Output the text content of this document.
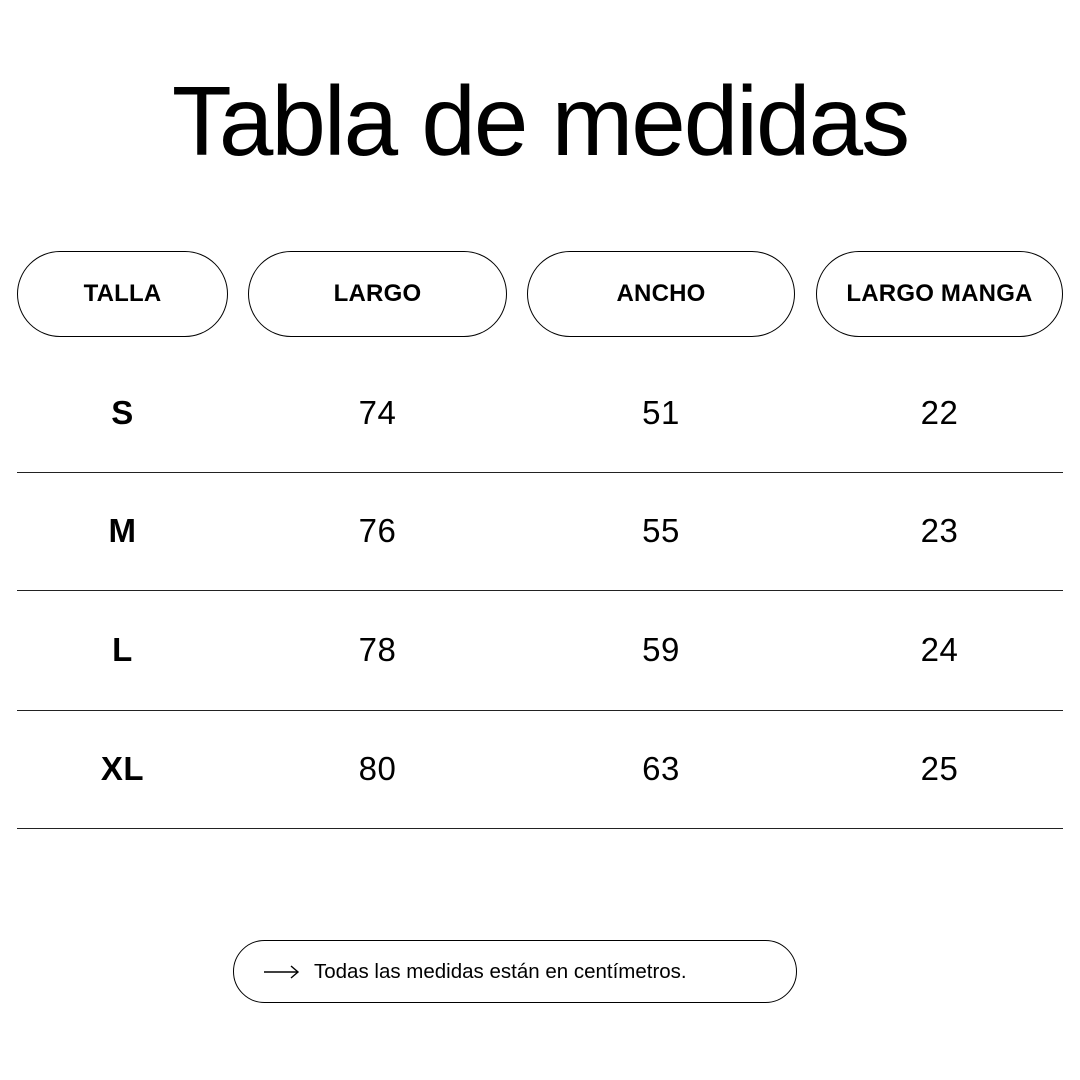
Tabla de medidas
TALLA	LARGO	ANCHO	LARGO MANGA
S	74	51	22
M	76	55	23
L	78	59	24
XL	80	63	25
Todas las medidas están en centímetros.
